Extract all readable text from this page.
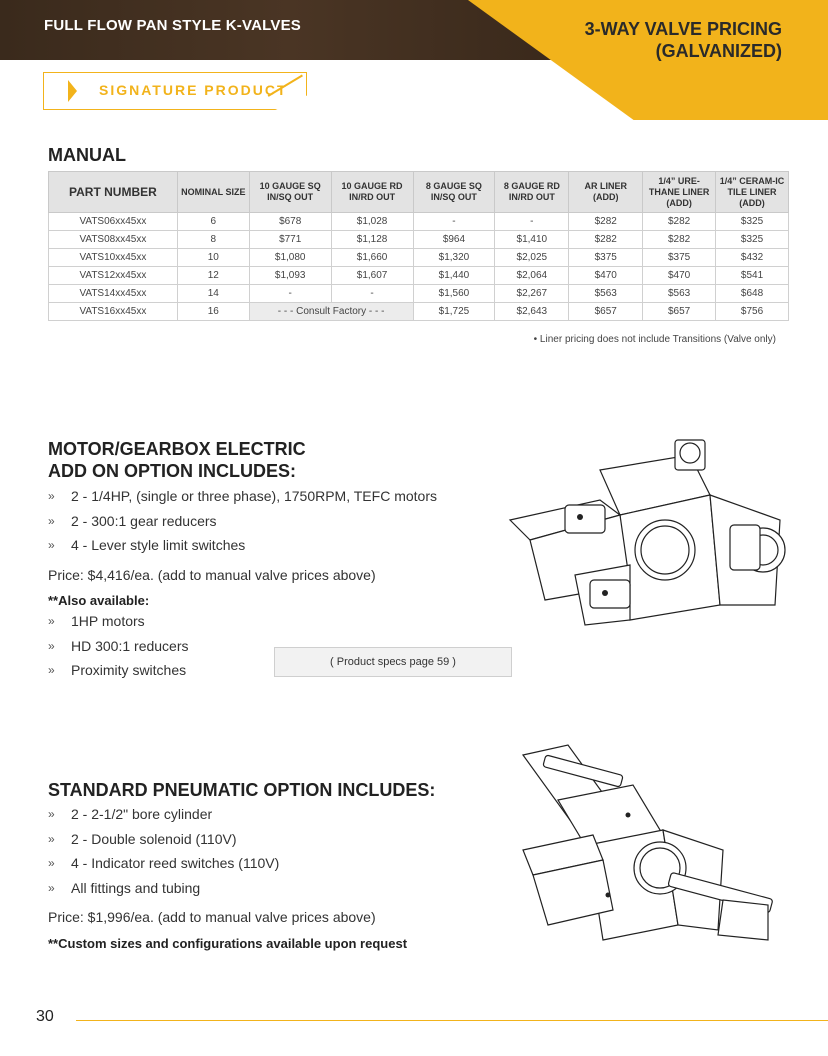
FULL FLOW PAN STYLE K-VALVES	3-WAY VALVE PRICING
(GALVANIZED)
SIGNATURE PRODUCT
MANUAL
PART NUMBER	NOMINAL SIZE	10 GAUGE SQ IN/SQ OUT	10 GAUGE RD IN/RD OUT	8 GAUGE SQ IN/SQ OUT	8 GAUGE RD IN/RD OUT	AR LINER (ADD)	1/4” URE-THANE LINER (ADD)	1/4” CERAM-IC TILE LINER (ADD)
VATS06xx45xx	6	$678	$1,028	-	-	$282	$282	$325
VATS08xx45xx	8	$771	$1,128	$964	$1,410	$282	$282	$325
VATS10xx45xx	10	$1,080	$1,660	$1,320	$2,025	$375	$375	$432
VATS12xx45xx	12	$1,093	$1,607	$1,440	$2,064	$470	$470	$541
VATS14xx45xx	14	-	-	$1,560	$2,267	$563	$563	$648
VATS16xx45xx	16	- - - Consult Factory - - -		$1,725	$2,643	$657	$657	$756
• Liner pricing does not include Transitions (Valve only)
MOTOR/GEARBOX ELECTRIC
ADD ON OPTION INCLUDES:
»	2 - 1/4HP, (single or three phase), 1750RPM, TEFC motors
»	2 - 300:1 gear reducers
»	4 - Lever style limit switches
Price: $4,416/ea. (add to manual valve prices above)
**Also available:
»	1HP motors
»	HD 300:1 reducers
»	Proximity switches
( Product specs page 59 )
STANDARD PNEUMATIC OPTION INCLUDES:
»	2 - 2-1/2" bore cylinder
»	2 - Double solenoid (110V)
»	4 - Indicator reed switches (110V)
»	All fittings and tubing
Price: $1,996/ea. (add to manual valve prices above)
**Custom sizes and configurations available upon request
30
